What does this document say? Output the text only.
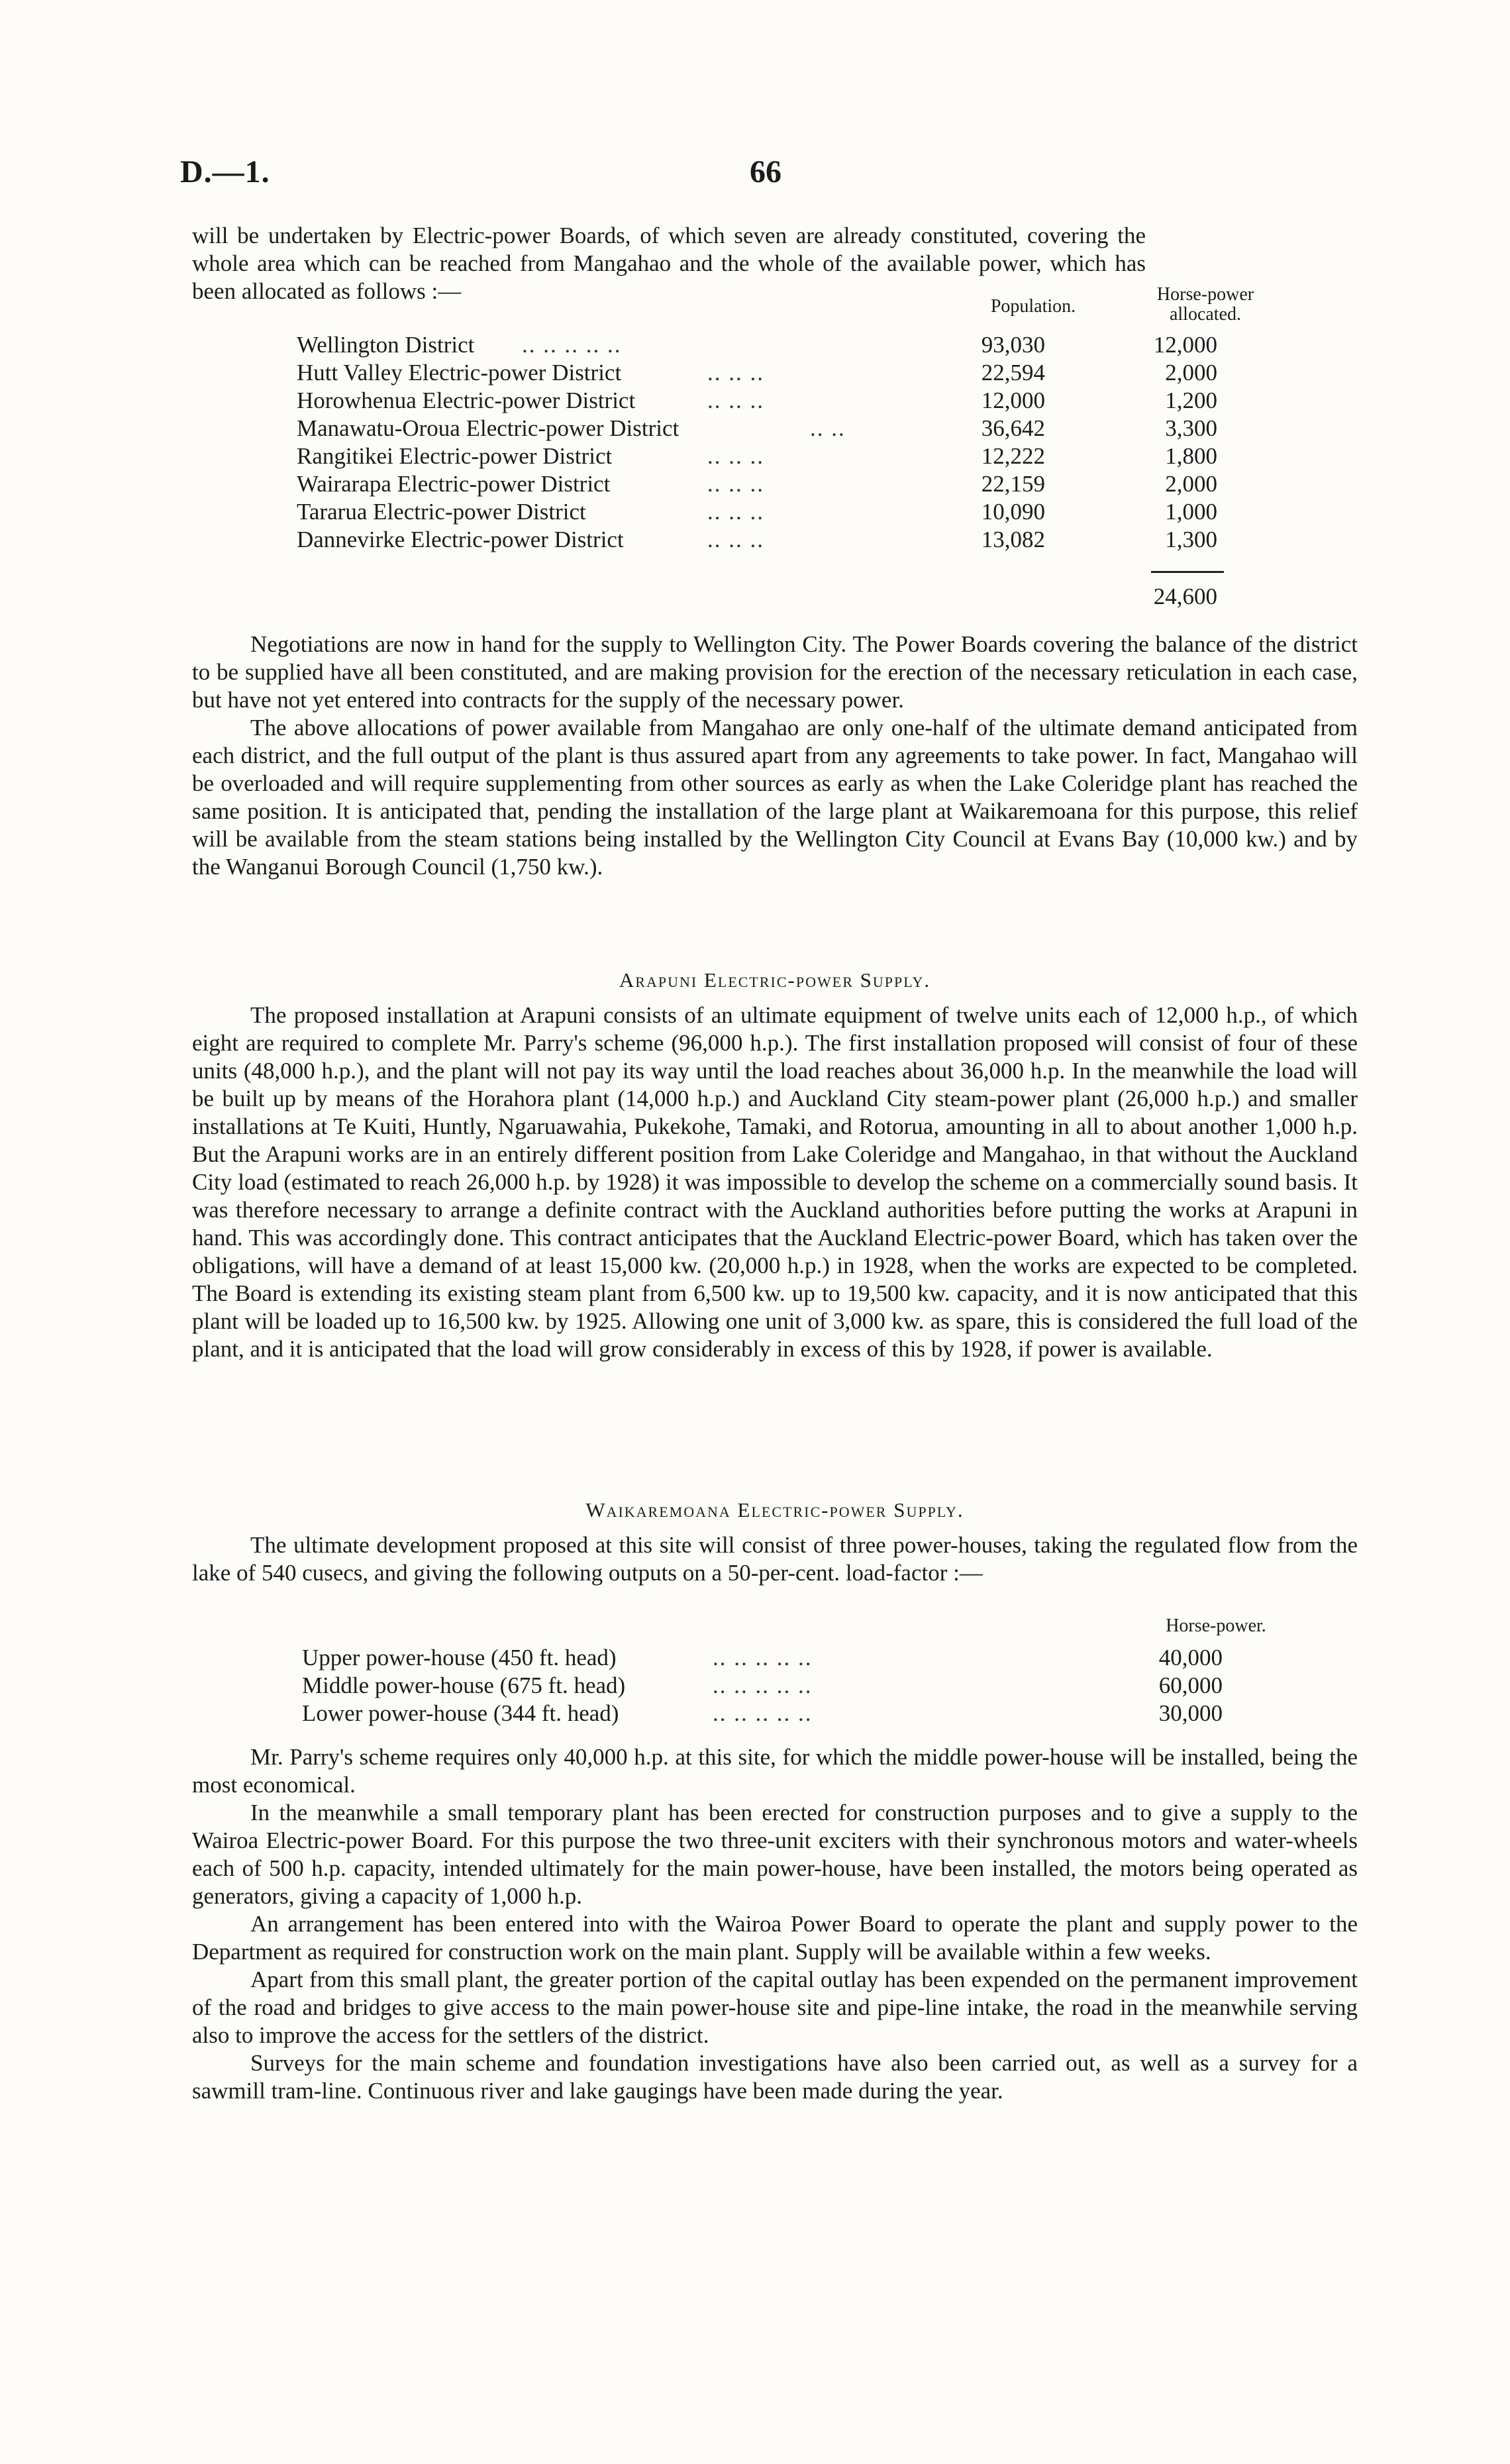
D.—1.	66

will be undertaken by Electric-power Boards, of which seven are already constituted, covering the whole area which can be reached from Mangahao and the whole of the available power, which has been allocated as follows :—

Population.
Horse-power
allocated.
Wellington District .. .. .. .. ..	93,030	12,000
Hutt Valley Electric-power District	.. .. ..	22,594	2,000
Horowhenua Electric-power District	.. .. ..	12,000	1,200
Manawatu-Oroua Electric-power District	.. ..	36,642	3,300
Rangitikei Electric-power District	.. .. ..	12,222	1,800
Wairarapa Electric-power District	.. .. ..	22,159	2,000
Tararua Electric-power District	.. .. ..	10,090	1,000
Dannevirke Electric-power District	.. .. ..	13,082	1,300
24,600

Negotiations are now in hand for the supply to Wellington City. The Power Boards covering the balance of the district to be supplied have all been constituted, and are making provision for the erection of the necessary reticulation in each case, but have not yet entered into contracts for the supply of the necessary power.

The above allocations of power available from Mangahao are only one-half of the ultimate demand anticipated from each district, and the full output of the plant is thus assured apart from any agreements to take power. In fact, Mangahao will be overloaded and will require supplementing from other sources as early as when the Lake Coleridge plant has reached the same position. It is anticipated that, pending the installation of the large plant at Waikaremoana for this purpose, this relief will be available from the steam stations being installed by the Wellington City Council at Evans Bay (10,000 kw.) and by the Wanganui Borough Council (1,750 kw.).

Arapuni Electric-power Supply.

The proposed installation at Arapuni consists of an ultimate equipment of twelve units each of 12,000 h.p., of which eight are required to complete Mr. Parry's scheme (96,000 h.p.). The first installation proposed will consist of four of these units (48,000 h.p.), and the plant will not pay its way until the load reaches about 36,000 h.p. In the meanwhile the load will be built up by means of the Horahora plant (14,000 h.p.) and Auckland City steam-power plant (26,000 h.p.) and smaller installations at Te Kuiti, Huntly, Ngaruawahia, Pukekohe, Tamaki, and Rotorua, amounting in all to about another 1,000 h.p. But the Arapuni works are in an entirely different position from Lake Coleridge and Mangahao, in that without the Auckland City load (estimated to reach 26,000 h.p. by 1928) it was impossible to develop the scheme on a commercially sound basis. It was therefore necessary to arrange a definite contract with the Auckland authorities before putting the works at Arapuni in hand. This was accordingly done. This contract anticipates that the Auckland Electric-power Board, which has taken over the obligations, will have a demand of at least 15,000 kw. (20,000 h.p.) in 1928, when the works are expected to be completed. The Board is extending its existing steam plant from 6,500 kw. up to 19,500 kw. capacity, and it is now anticipated that this plant will be loaded up to 16,500 kw. by 1925. Allowing one unit of 3,000 kw. as spare, this is considered the full load of the plant, and it is anticipated that the load will grow considerably in excess of this by 1928, if power is available.

Waikaremoana Electric-power Supply.

The ultimate development proposed at this site will consist of three power-houses, taking the regulated flow from the lake of 540 cusecs, and giving the following outputs on a 50-per-cent. load-factor :—

Horse-power.
Upper power-house (450 ft. head)	.. .. .. .. ..	40,000
Middle power-house (675 ft. head)	.. .. .. .. ..	60,000
Lower power-house (344 ft. head)	.. .. .. .. ..	30,000

Mr. Parry's scheme requires only 40,000 h.p. at this site, for which the middle power-house will be installed, being the most economical.

In the meanwhile a small temporary plant has been erected for construction purposes and to give a supply to the Wairoa Electric-power Board. For this purpose the two three-unit exciters with their synchronous motors and water-wheels each of 500 h.p. capacity, intended ultimately for the main power-house, have been installed, the motors being operated as generators, giving a capacity of 1,000 h.p.

An arrangement has been entered into with the Wairoa Power Board to operate the plant and supply power to the Department as required for construction work on the main plant. Supply will be available within a few weeks.

Apart from this small plant, the greater portion of the capital outlay has been expended on the permanent improvement of the road and bridges to give access to the main power-house site and pipe-line intake, the road in the meanwhile serving also to improve the access for the settlers of the district.

Surveys for the main scheme and foundation investigations have also been carried out, as well as a survey for a sawmill tram-line. Continuous river and lake gaugings have been made during the year.
